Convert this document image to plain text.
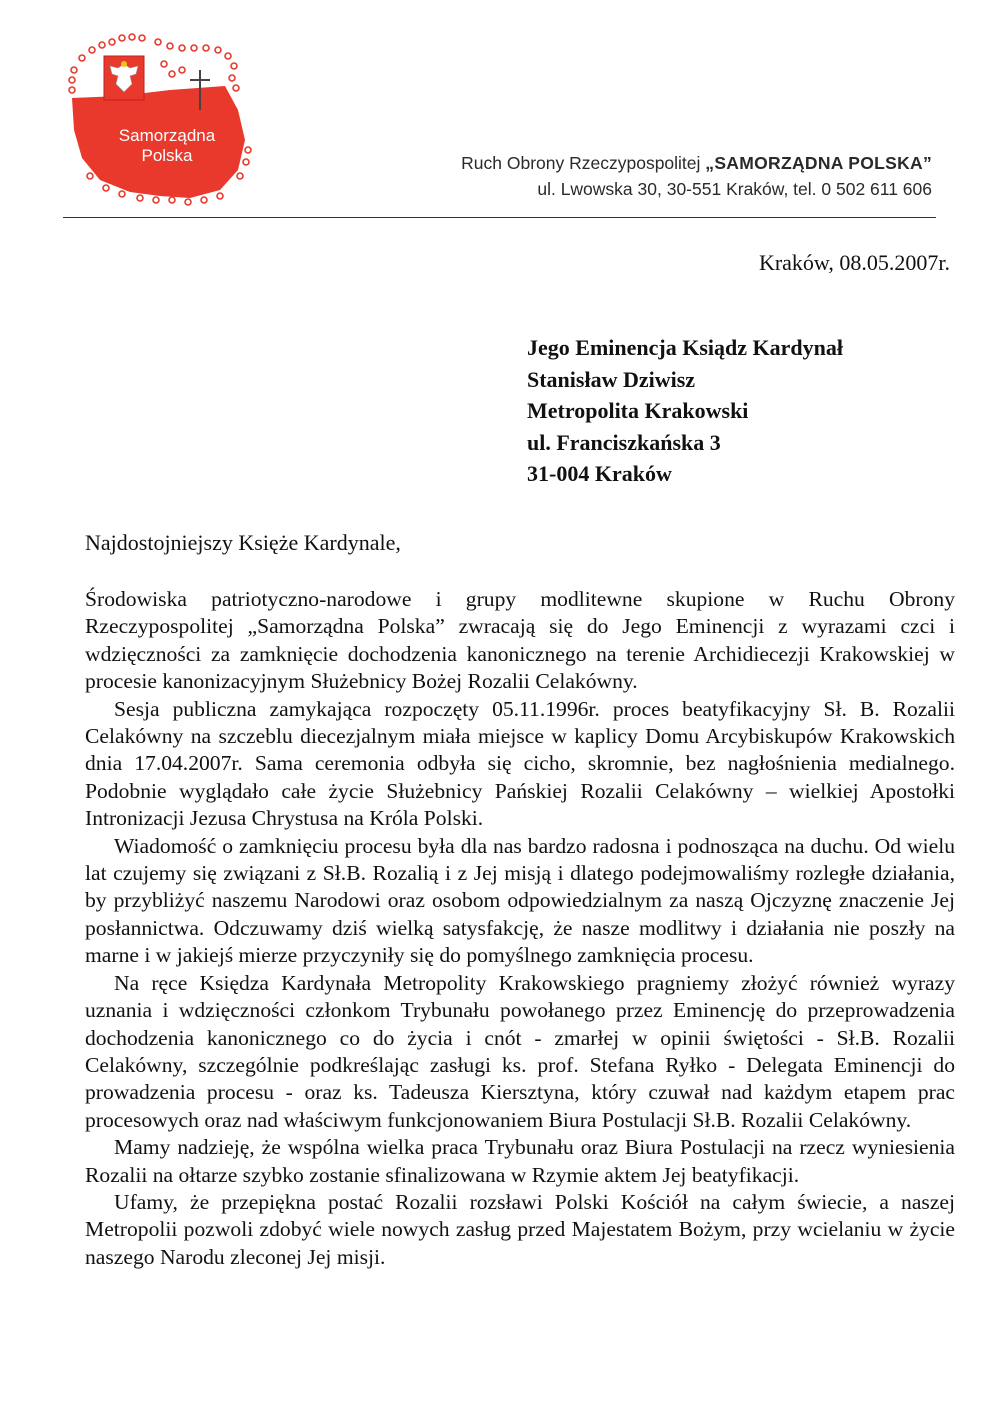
Samorządna
Polska	Ruch Obrony Rzeczypospolitej „SAMORZĄDNA POLSKA”
ul. Lwowska 30, 30-551 Kraków, tel. 0 502 611 606
Kraków, 08.05.2007r.
Jego Eminencja Ksiądz Kardynał
Stanisław Dziwisz
Metropolita Krakowski
ul. Franciszkańska 3
31-004 Kraków
Najdostojniejszy Księże Kardynale,

Środowiska patriotyczno-narodowe i grupy modlitewne skupione w Ruchu Obrony Rzeczypospolitej „Samorządna Polska” zwracają się do Jego Eminencji z wyrazami czci i wdzięczności za zamknięcie dochodzenia kanonicznego na terenie Archidiecezji Krakowskiej w procesie kanonizacyjnym Służebnicy Bożej Rozalii Celakówny.

Sesja publiczna zamykająca rozpoczęty 05.11.1996r. proces beatyfikacyjny Sł. B. Rozalii Celakówny na szczeblu diecezjalnym miała miejsce w kaplicy Domu Arcybiskupów Krakowskich dnia 17.04.2007r. Sama ceremonia odbyła się cicho, skromnie, bez nagłośnienia medialnego. Podobnie wyglądało całe życie Służebnicy Pańskiej Rozalii Celakówny – wielkiej Apostołki Intronizacji Jezusa Chrystusa na Króla Polski.

Wiadomość o zamknięciu procesu była dla nas bardzo radosna i podnosząca na duchu. Od wielu lat czujemy się związani z Sł.B. Rozalią i z Jej misją i dlatego podejmowaliśmy rozległe działania, by przybliżyć naszemu Narodowi oraz osobom odpowiedzialnym za naszą Ojczyznę znaczenie Jej posłannictwa. Odczuwamy dziś wielką satysfakcję, że nasze modlitwy i działania nie poszły na marne i w jakiejś mierze przyczyniły się do pomyślnego zamknięcia procesu.

Na ręce Księdza Kardynała Metropolity Krakowskiego pragniemy złożyć również wyrazy uznania i wdzięczności członkom Trybunału powołanego przez Eminencję do przeprowadzenia dochodzenia kanonicznego co do życia i cnót - zmarłej w opinii świętości - Sł.B. Rozalii Celakówny, szczególnie podkreślając zasługi ks. prof. Stefana Ryłko - Delegata Eminencji do prowadzenia procesu - oraz ks. Tadeusza Kiersztyna, który czuwał nad każdym etapem prac procesowych oraz nad właściwym funkcjonowaniem Biura Postulacji Sł.B. Rozalii Celakówny.

Mamy nadzieję, że wspólna wielka praca Trybunału oraz Biura Postulacji na rzecz wyniesienia Rozalii na ołtarze szybko zostanie sfinalizowana w Rzymie aktem Jej beatyfikacji.

Ufamy, że przepiękna postać Rozalii rozsławi Polski Kościół na całym świecie, a naszej Metropolii pozwoli zdobyć wiele nowych zasług przed Majestatem Bożym, przy wcielaniu w życie naszego Narodu zleconej Jej misji.
